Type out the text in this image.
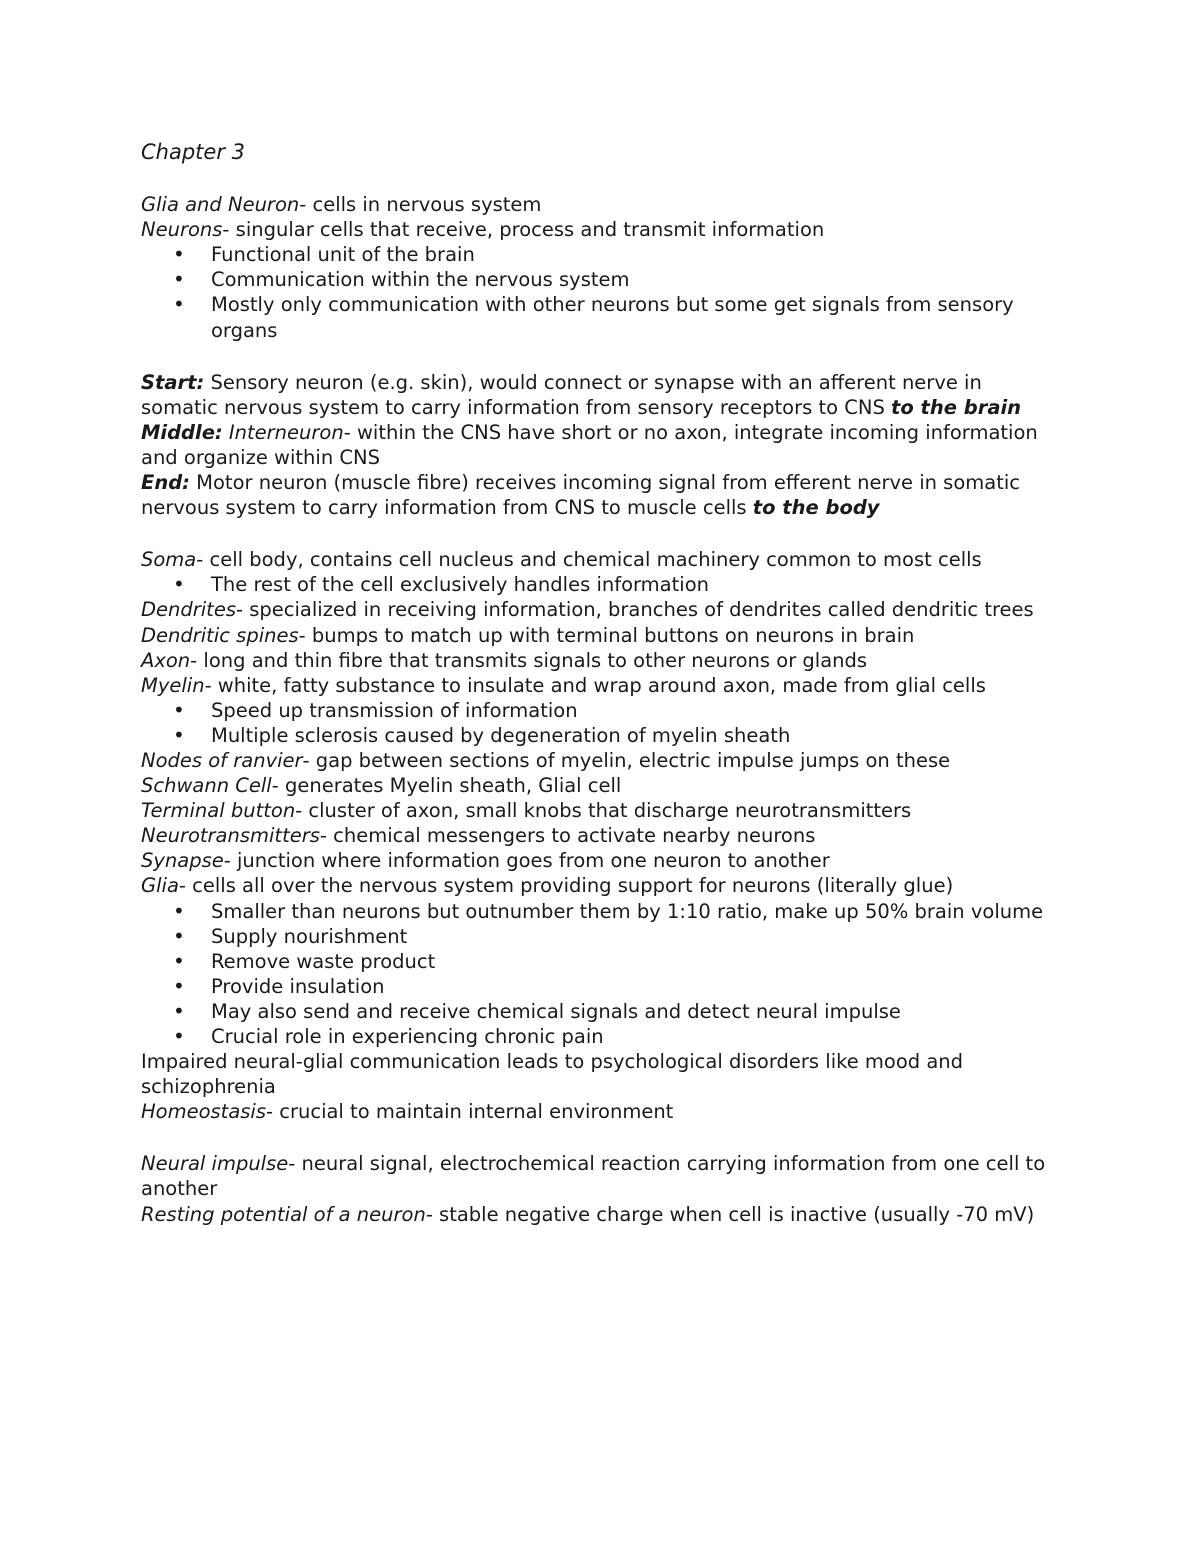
Chapter 3

Glia and Neuron- cells in nervous system

Neurons- singular cells that receive, process and transmit information

• Functional unit of the brain
• Communication within the nervous system
• Mostly only communication with other neurons but some get signals from sensory organs

Start: Sensory neuron (e.g. skin), would connect or synapse with an afferent nerve in somatic nervous system to carry information from sensory receptors to CNS to the brain

Middle: Interneuron- within the CNS have short or no axon, integrate incoming information and organize within CNS

End: Motor neuron (muscle fibre) receives incoming signal from efferent nerve in somatic nervous system to carry information from CNS to muscle cells to the body

Soma- cell body, contains cell nucleus and chemical machinery common to most cells

• The rest of the cell exclusively handles information

Dendrites- specialized in receiving information, branches of dendrites called dendritic trees

Dendritic spines- bumps to match up with terminal buttons on neurons in brain

Axon- long and thin fibre that transmits signals to other neurons or glands

Myelin- white, fatty substance to insulate and wrap around axon, made from glial cells

• Speed up transmission of information
• Multiple sclerosis caused by degeneration of myelin sheath

Nodes of ranvier- gap between sections of myelin, electric impulse jumps on these

Schwann Cell- generates Myelin sheath, Glial cell

Terminal button- cluster of axon, small knobs that discharge neurotransmitters

Neurotransmitters- chemical messengers to activate nearby neurons

Synapse- junction where information goes from one neuron to another

Glia- cells all over the nervous system providing support for neurons (literally glue)

• Smaller than neurons but outnumber them by 1:10 ratio, make up 50% brain volume
• Supply nourishment
• Remove waste product
• Provide insulation
• May also send and receive chemical signals and detect neural impulse
• Crucial role in experiencing chronic pain

Impaired neural-glial communication leads to psychological disorders like mood and schizophrenia

Homeostasis- crucial to maintain internal environment

Neural impulse- neural signal, electrochemical reaction carrying information from one cell to another

Resting potential of a neuron- stable negative charge when cell is inactive (usually -70 mV)
